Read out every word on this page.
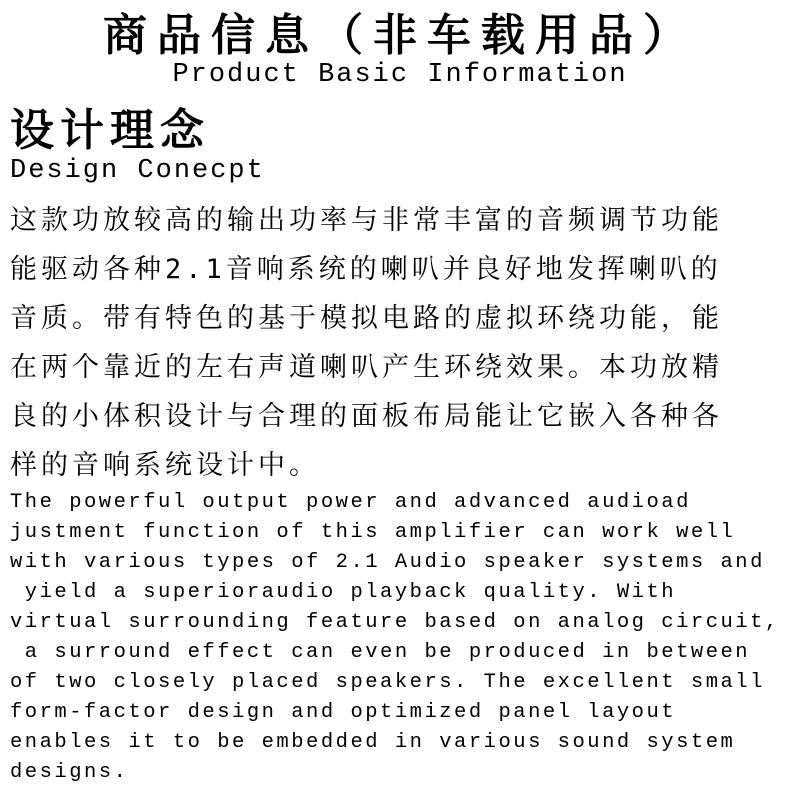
商品信息（非车载用品）
Product Basic Information
设计理念
Design Conecpt
这款功放较高的输出功率与非常丰富的音频调节功能
能驱动各种2.1音响系统的喇叭并良好地发挥喇叭的
音质。带有特色的基于模拟电路的虚拟环绕功能，能
在两个靠近的左右声道喇叭产生环绕效果。本功放精
良的小体积设计与合理的面板布局能让它嵌入各种各
样的音响系统设计中。
The powerful output power and advanced audioad
justment function of this amplifier can work well
with various types of 2.1 Audio speaker systems and
yield a superioraudio playback quality. With
virtual surrounding feature based on analog circuit,
a surround effect can even be produced in between
of two closely placed speakers. The excellent small
form-factor design and optimized panel layout
enables it to be embedded in various sound system
designs.
